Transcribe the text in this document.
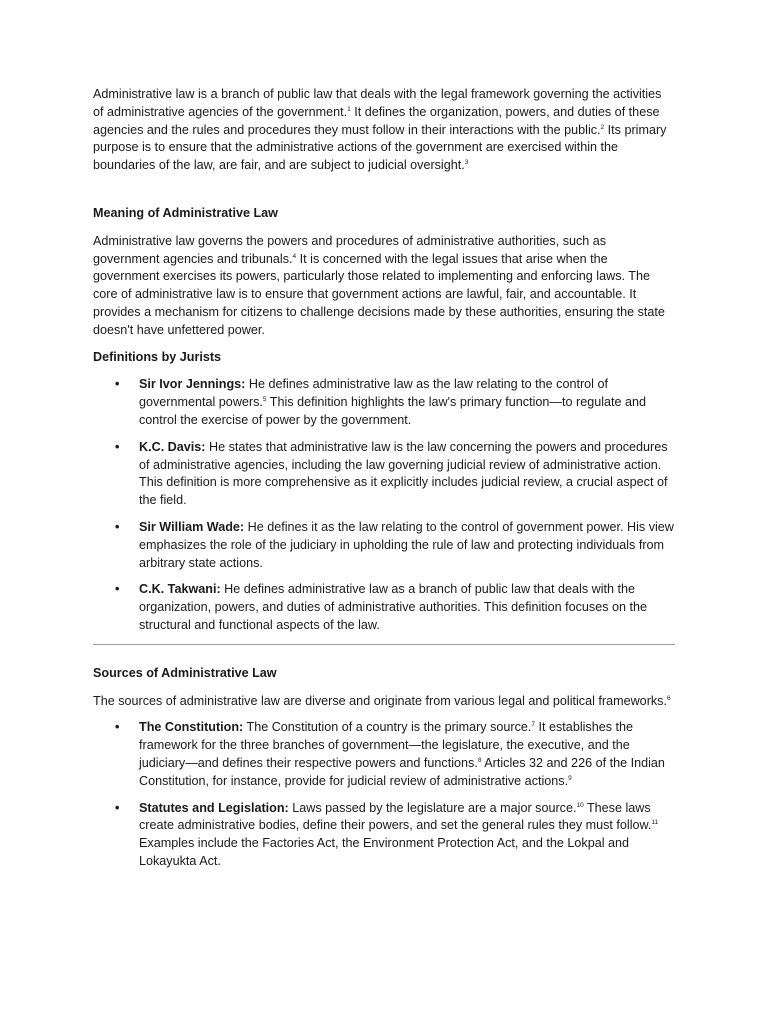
Administrative law is a branch of public law that deals with the legal framework governing the activities of administrative agencies of the government.$^1$ It defines the organization, powers, and duties of these agencies and the rules and procedures they must follow in their interactions with the public.$^2$ Its primary purpose is to ensure that the administrative actions of the government are exercised within the boundaries of the law, are fair, and are subject to judicial oversight.$^3$

Meaning of Administrative Law

Administrative law governs the powers and procedures of administrative authorities, such as government agencies and tribunals.$^4$ It is concerned with the legal issues that arise when the government exercises its powers, particularly those related to implementing and enforcing laws. The core of administrative law is to ensure that government actions are lawful, fair, and accountable. It provides a mechanism for citizens to challenge decisions made by these authorities, ensuring the state doesn't have unfettered power.

Definitions by Jurists

• Sir Ivor Jennings: He defines administrative law as the law relating to the control of governmental powers.$^5$ This definition highlights the law's primary function—to regulate and control the exercise of power by the government.
• K.C. Davis: He states that administrative law is the law concerning the powers and procedures of administrative agencies, including the law governing judicial review of administrative action. This definition is more comprehensive as it explicitly includes judicial review, a crucial aspect of the field.
• Sir William Wade: He defines it as the law relating to the control of government power. His view emphasizes the role of the judiciary in upholding the rule of law and protecting individuals from arbitrary state actions.
• C.K. Takwani: He defines administrative law as a branch of public law that deals with the organization, powers, and duties of administrative authorities. This definition focuses on the structural and functional aspects of the law.

Sources of Administrative Law

The sources of administrative law are diverse and originate from various legal and political frameworks.$^6$

• The Constitution: The Constitution of a country is the primary source.$^7$ It establishes the framework for the three branches of government—the legislature, the executive, and the judiciary—and defines their respective powers and functions.$^8$ Articles 32 and 226 of the Indian Constitution, for instance, provide for judicial review of administrative actions.$^9$
• Statutes and Legislation: Laws passed by the legislature are a major source.$^{10}$ These laws create administrative bodies, define their powers, and set the general rules they must follow.$^{11}$ Examples include the Factories Act, the Environment Protection Act, and the Lokpal and Lokayukta Act.
